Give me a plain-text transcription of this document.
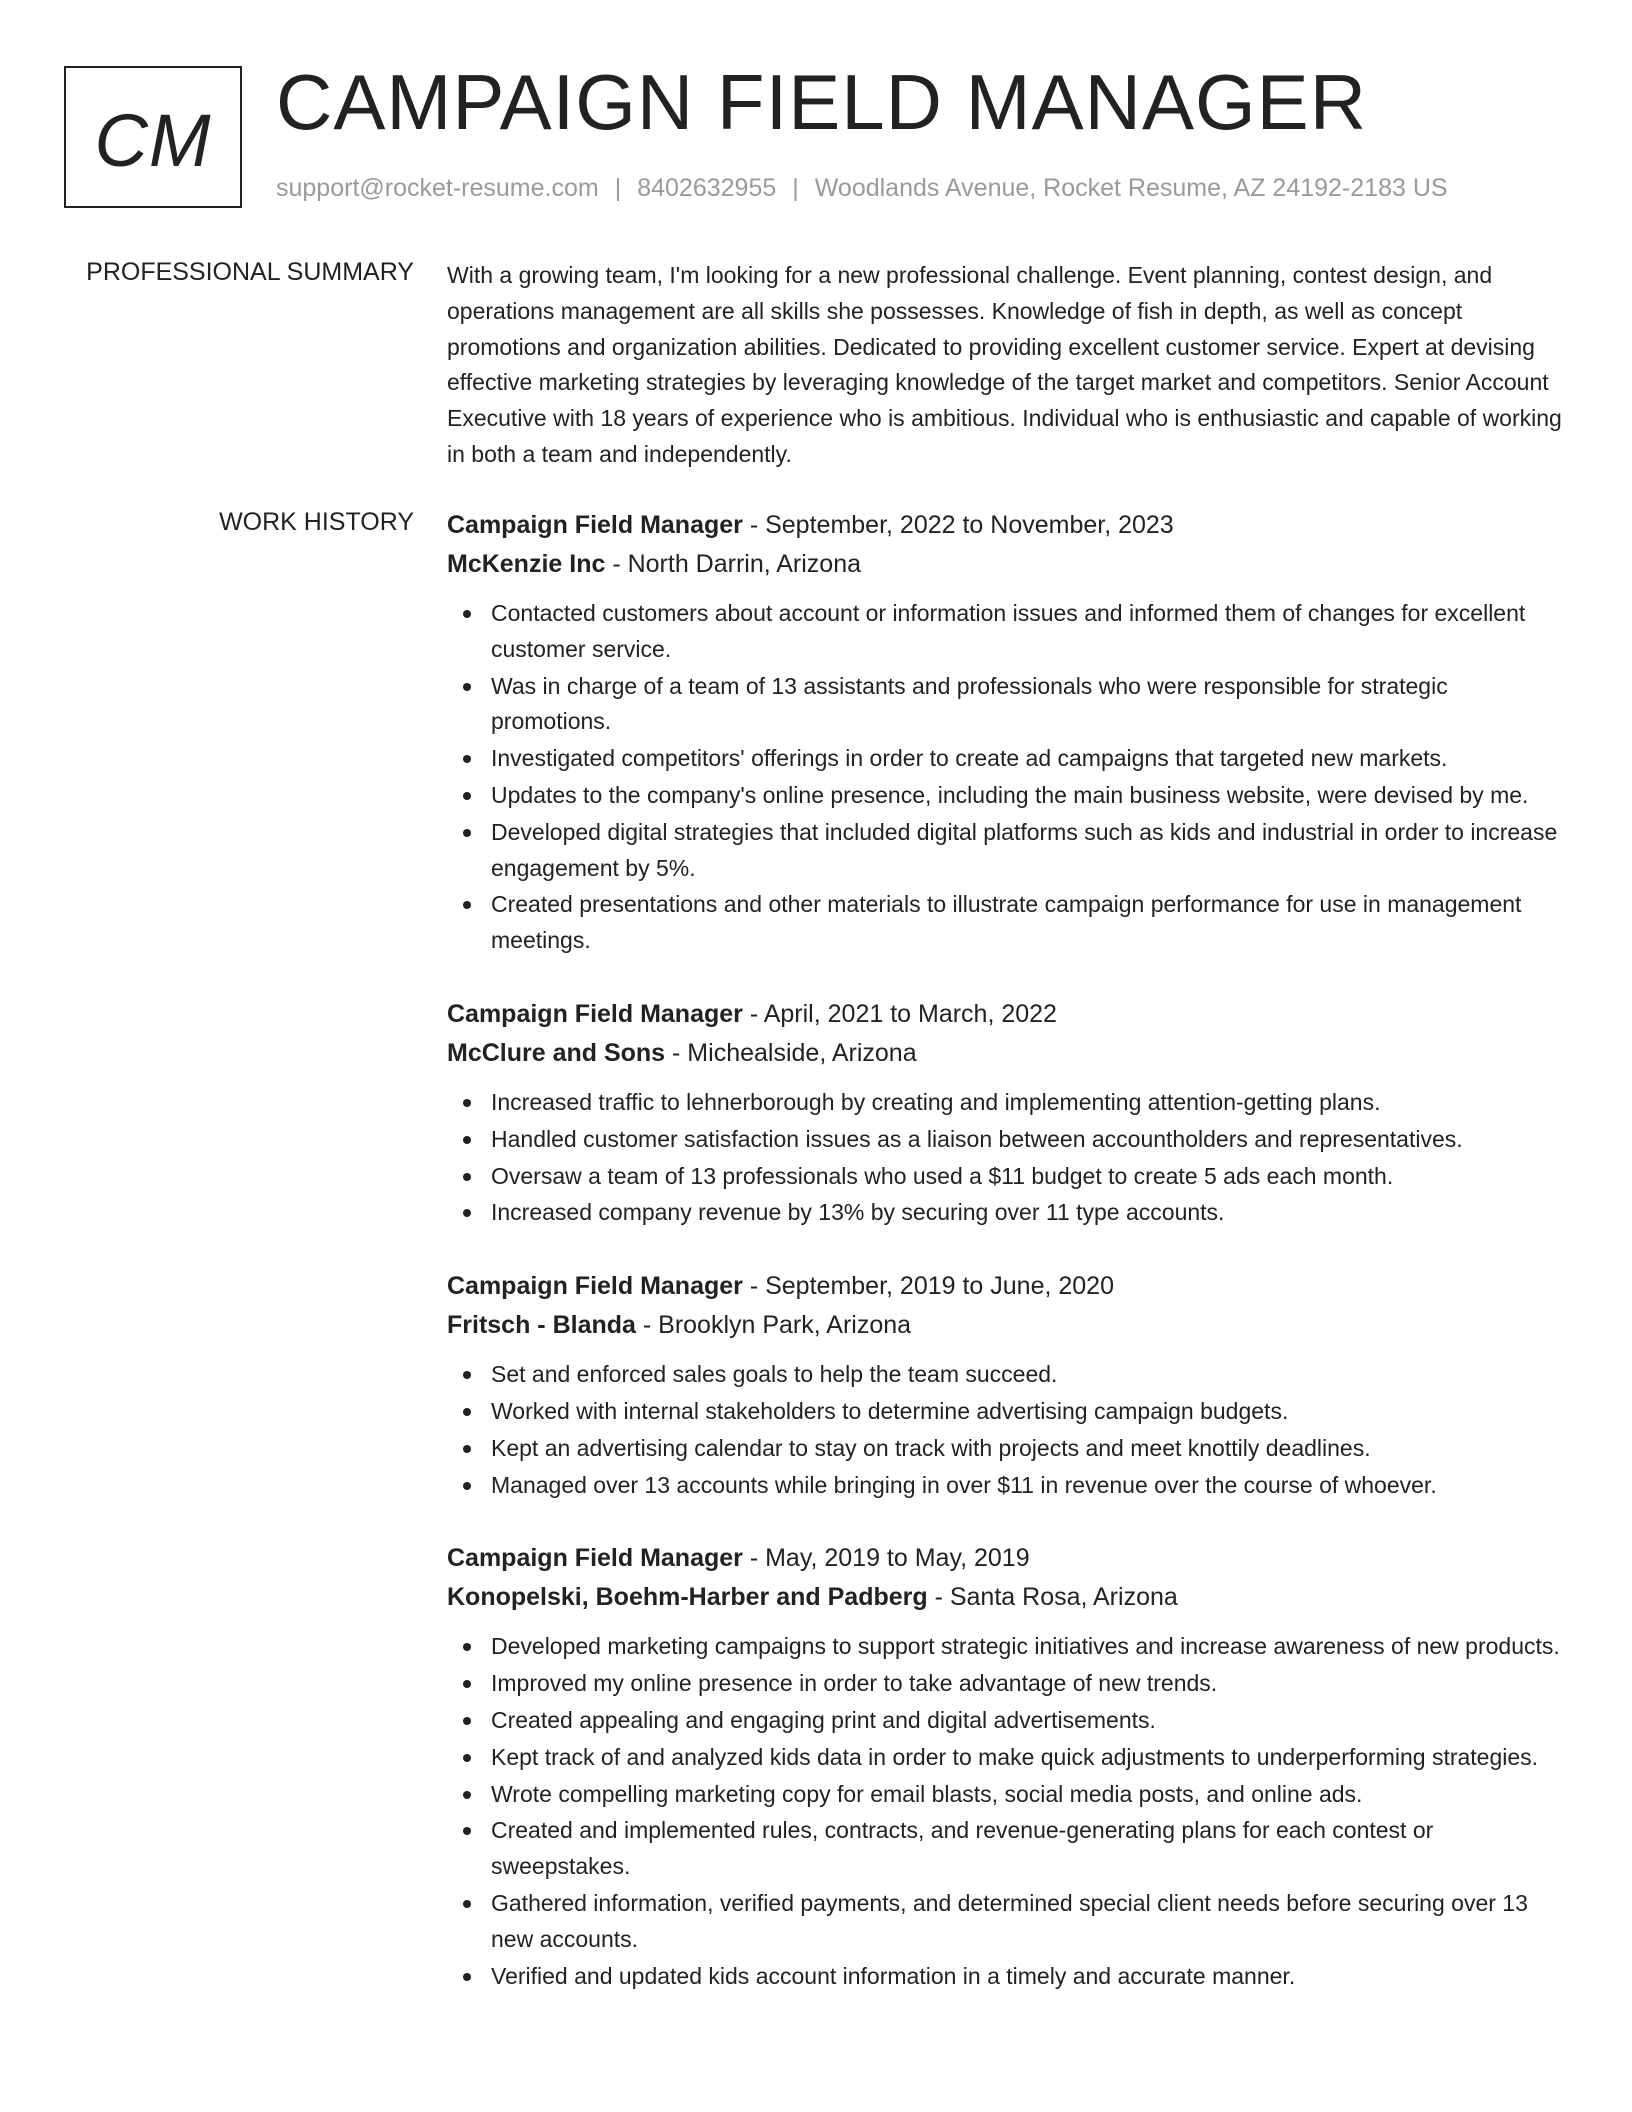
CM CAMPAIGN FIELD MANAGER
support@rocket-resume.com | 8402632955 | Woodlands Avenue, Rocket Resume, AZ 24192-2183 US
PROFESSIONAL SUMMARY With a growing team, I'm looking for a new professional challenge. Event planning, contest design, and operations management are all skills she possesses. Knowledge of fish in depth, as well as concept promotions and organization abilities. Dedicated to providing excellent customer service. Expert at devising effective marketing strategies by leveraging knowledge of the target market and competitors. Senior Account Executive with 18 years of experience who is ambitious. Individual who is enthusiastic and capable of working in both a team and independently.

WORK HISTORY Campaign Field Manager - September, 2022 to November, 2023
McKenzie Inc - North Darrin, Arizona
Contacted customers about account or information issues and informed them of changes for excellent customer service.
Was in charge of a team of 13 assistants and professionals who were responsible for strategic promotions.
Investigated competitors' offerings in order to create ad campaigns that targeted new markets.
Updates to the company's online presence, including the main business website, were devised by me.
Developed digital strategies that included digital platforms such as kids and industrial in order to increase engagement by 5%.
Created presentations and other materials to illustrate campaign performance for use in management meetings.
Campaign Field Manager - April, 2021 to March, 2022
McClure and Sons - Michealside, Arizona
Increased traffic to lehnerborough by creating and implementing attention-getting plans.
Handled customer satisfaction issues as a liaison between accountholders and representatives.
Oversaw a team of 13 professionals who used a $11 budget to create 5 ads each month.
Increased company revenue by 13% by securing over 11 type accounts.
Campaign Field Manager - September, 2019 to June, 2020
Fritsch - Blanda - Brooklyn Park, Arizona
Set and enforced sales goals to help the team succeed.
Worked with internal stakeholders to determine advertising campaign budgets.
Kept an advertising calendar to stay on track with projects and meet knottily deadlines.
Managed over 13 accounts while bringing in over $11 in revenue over the course of whoever.
Campaign Field Manager - May, 2019 to May, 2019
Konopelski, Boehm-Harber and Padberg - Santa Rosa, Arizona
Developed marketing campaigns to support strategic initiatives and increase awareness of new products.
Improved my online presence in order to take advantage of new trends.
Created appealing and engaging print and digital advertisements.
Kept track of and analyzed kids data in order to make quick adjustments to underperforming strategies.
Wrote compelling marketing copy for email blasts, social media posts, and online ads.
Created and implemented rules, contracts, and revenue-generating plans for each contest or sweepstakes.
Gathered information, verified payments, and determined special client needs before securing over 13 new accounts.
Verified and updated kids account information in a timely and accurate manner.
